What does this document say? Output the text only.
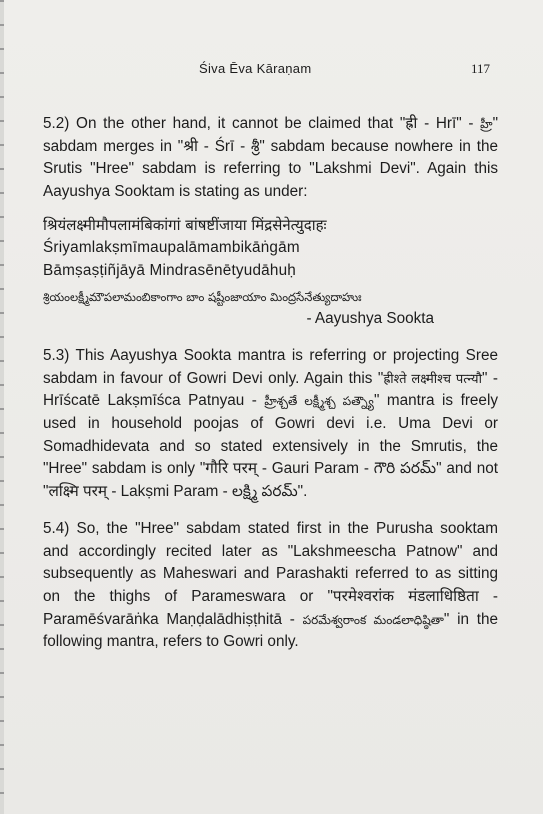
Śiva Ēva Kāraṇam	117

5.2) On the other hand, it cannot be claimed that "ह्री - Hrī" - హ్రీ" sabdam merges in "श्री - Śrī - శ్రీ" sabdam because nowhere in the Srutis "Hree" sabdam is referring to "Lakshmi Devi". Again this Aayushya Sooktam is stating as under:

श्रियंलक्ष्मीमौपलामंबिकांगां बांषष्टींजाया मिंद्रसेनेत्युदाहः

Śriyamlakṣmīmaupalāmambikāṅgām

Bāmṣaṣṭiñjāyā Mindrasēnētyudāhuḥ

శ్రియంలక్ష్మీమౌపలామంబికాంగాం బాం షష్టీంజాయాం మింద్రసేనేత్యుదాహుః

- Aayushya Sookta

5.3) This Aayushya Sookta mantra is referring or projecting Sree sabdam in favour of Gowri Devi only. Again this "ह्रीश्ते लक्ष्मीश्च पत्न्यौ" - Hrīścatē Lakṣmīśca Patnyau - హ్రీశ్చతే లక్ష్మీశ్చ పత్న్యౌ" mantra is freely used in household poojas of Gowri devi i.e. Uma Devi or Somadhidevata and so stated extensively in the Smrutis, the "Hree" sabdam is only "गौरि परम् - Gauri Param - గౌరి పరమ్" and not "लक्ष्मि परम् - Lakṣmi Param - లక్ష్మి పరమ్".

5.4) So, the "Hree" sabdam stated first in the Purusha sooktam and accordingly recited later as "Lakshmeescha Patnow" and subsequently as Maheswari and Parashakti referred to as sitting on the thighs of Parameswara or "परमेश्वरांक मंडलाधिष्ठिता - Paramēśvarāṅka Maṇḍalādhiṣṭhitā - పరమేశ్వరాంక మండలాధిష్ఠితా" in the following mantra, refers to Gowri only.
